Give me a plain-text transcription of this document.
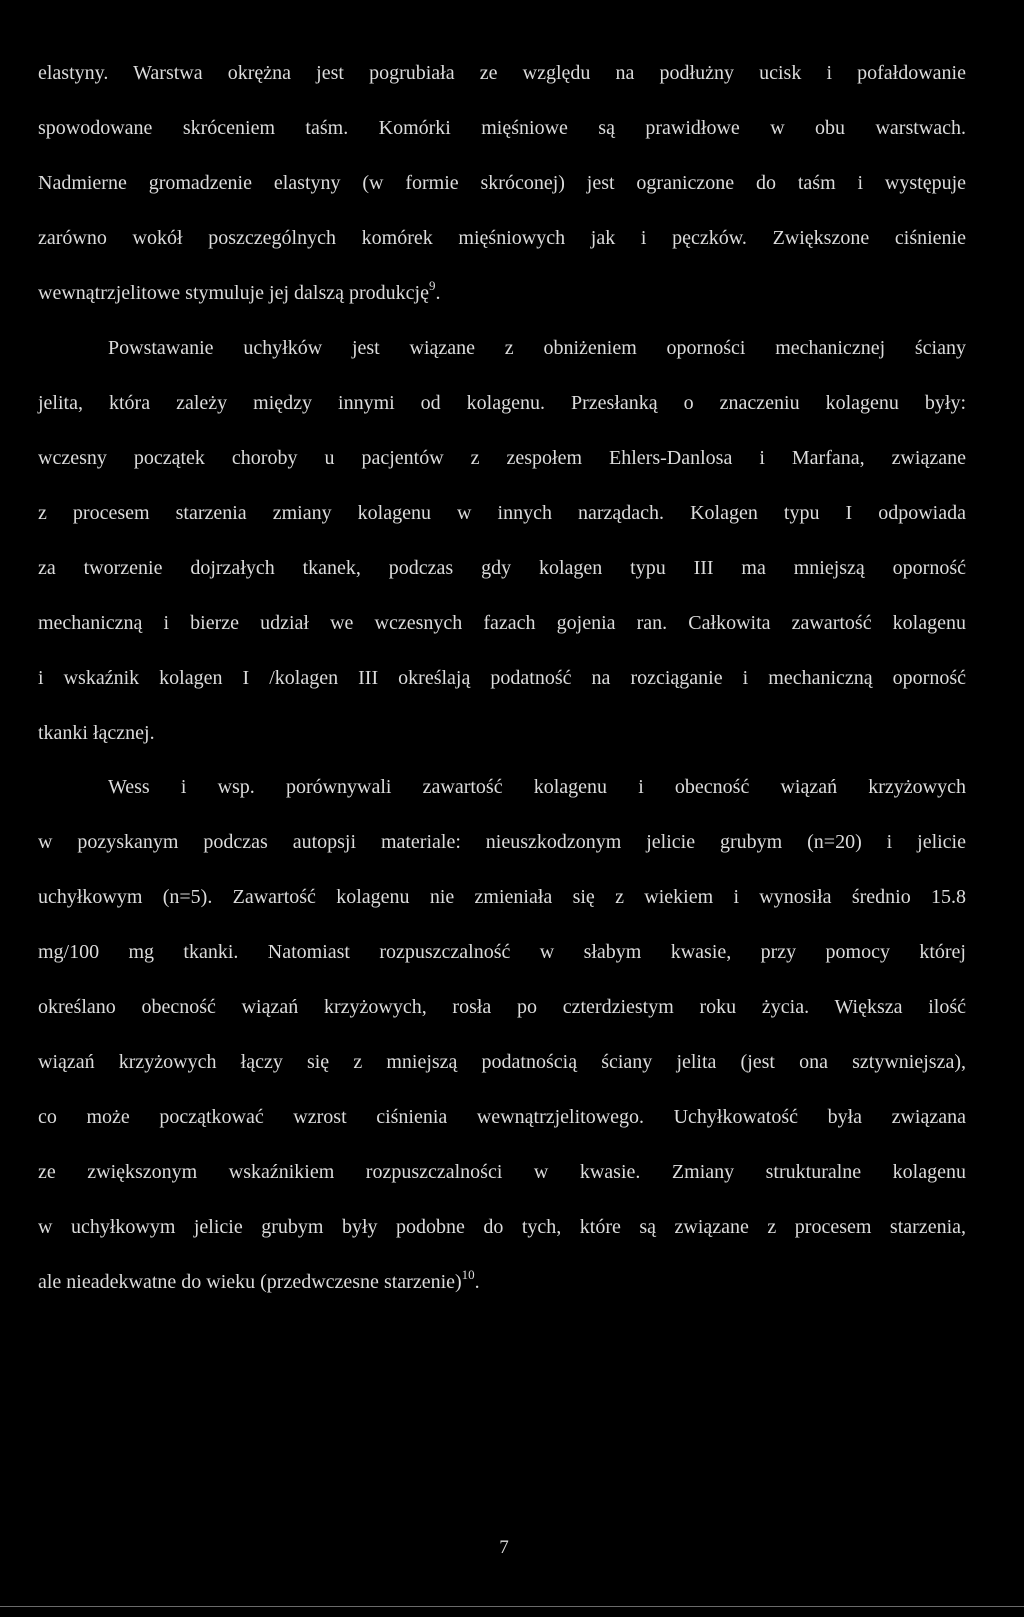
elastyny. Warstwa okrężna jest pogrubiała ze względu na podłużny ucisk i pofałdowanie
spowodowane skróceniem taśm. Komórki mięśniowe są prawidłowe w obu warstwach.
Nadmierne gromadzenie elastyny (w formie skróconej) jest ograniczone do taśm i występuje
zarówno wokół poszczególnych komórek mięśniowych jak i pęczków. Zwiększone ciśnienie
wewnątrzjelitowe stymuluje jej dalszą produkcję$^9$.
Powstawanie uchyłków jest wiązane z obniżeniem oporności mechanicznej ściany
jelita, która zależy między innymi od kolagenu. Przesłanką o znaczeniu kolagenu były:
wczesny początek choroby u pacjentów z zespołem Ehlers-Danlosa i Marfana, związane
z procesem starzenia zmiany kolagenu w innych narządach. Kolagen typu I odpowiada
za tworzenie dojrzałych tkanek, podczas gdy kolagen typu III ma mniejszą oporność
mechaniczną i bierze udział we wczesnych fazach gojenia ran. Całkowita zawartość kolagenu
i wskaźnik kolagen I /kolagen III określają podatność na rozciąganie i mechaniczną oporność
tkanki łącznej.
Wess i wsp. porównywali zawartość kolagenu i obecność wiązań krzyżowych
w pozyskanym podczas autopsji materiale: nieuszkodzonym jelicie grubym (n=20) i jelicie
uchyłkowym (n=5). Zawartość kolagenu nie zmieniała się z wiekiem i wynosiła średnio 15.8
mg/100 mg tkanki. Natomiast rozpuszczalność w słabym kwasie, przy pomocy której
określano obecność wiązań krzyżowych, rosła po czterdziestym roku życia. Większa ilość
wiązań krzyżowych łączy się z mniejszą podatnością ściany jelita (jest ona sztywniejsza),
co może początkować wzrost ciśnienia wewnątrzjelitowego. Uchyłkowatość była związana
ze zwiększonym wskaźnikiem rozpuszczalności w kwasie. Zmiany strukturalne kolagenu
w uchyłkowym jelicie grubym były podobne do tych, które są związane z procesem starzenia,
ale nieadekwatne do wieku (przedwczesne starzenie)$^{10}$.
7
